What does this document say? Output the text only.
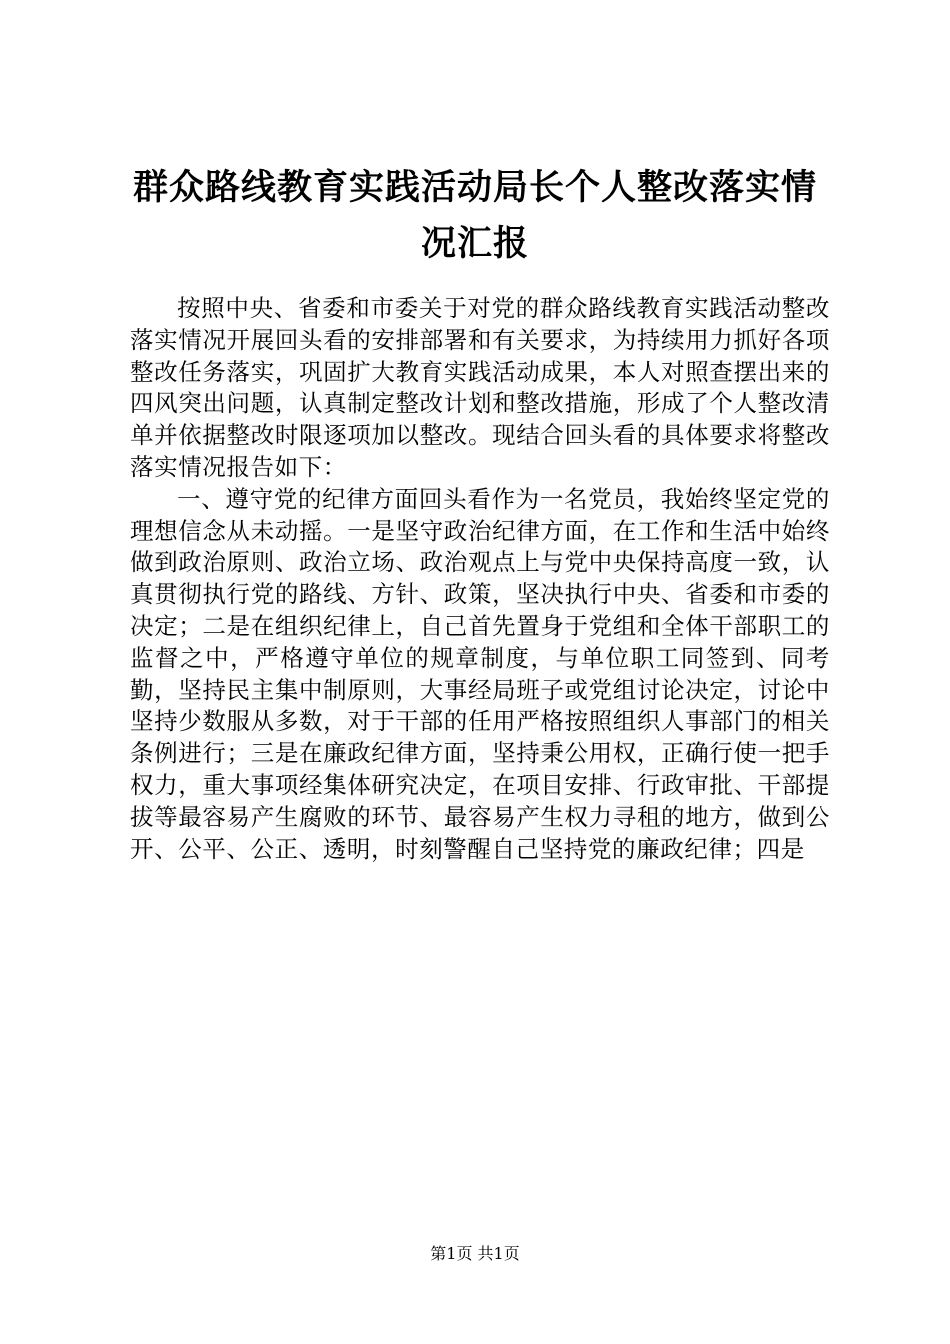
群众路线教育实践活动局长个人整改落实情况汇报

按照中央、省委和市委关于对党的群众路线教育实践活动整改落实情况开展回头看的安排部署和有关要求，为持续用力抓好各项整改任务落实，巩固扩大教育实践活动成果，本人对照查摆出来的四风突出问题，认真制定整改计划和整改措施，形成了个人整改清单并依据整改时限逐项加以整改。现结合回头看的具体要求将整改落实情况报告如下：

一、遵守党的纪律方面回头看作为一名党员，我始终坚定党的理想信念从未动摇。一是坚守政治纪律方面，在工作和生活中始终做到政治原则、政治立场、政治观点上与党中央保持高度一致，认真贯彻执行党的路线、方针、政策，坚决执行中央、省委和市委的决定；二是在组织纪律上，自己首先置身于党组和全体干部职工的监督之中，严格遵守单位的规章制度，与单位职工同签到、同考勤，坚持民主集中制原则，大事经局班子或党组讨论决定，讨论中坚持少数服从多数，对于干部的任用严格按照组织人事部门的相关条例进行；三是在廉政纪律方面，坚持秉公用权，正确行使一把手权力，重大事项经集体研究决定，在项目安排、行政审批、干部提拔等最容易产生腐败的环节、最容易产生权力寻租的地方，做到公开、公平、公正、透明，时刻警醒自己坚持党的廉政纪律；四是

第1页 共1页
